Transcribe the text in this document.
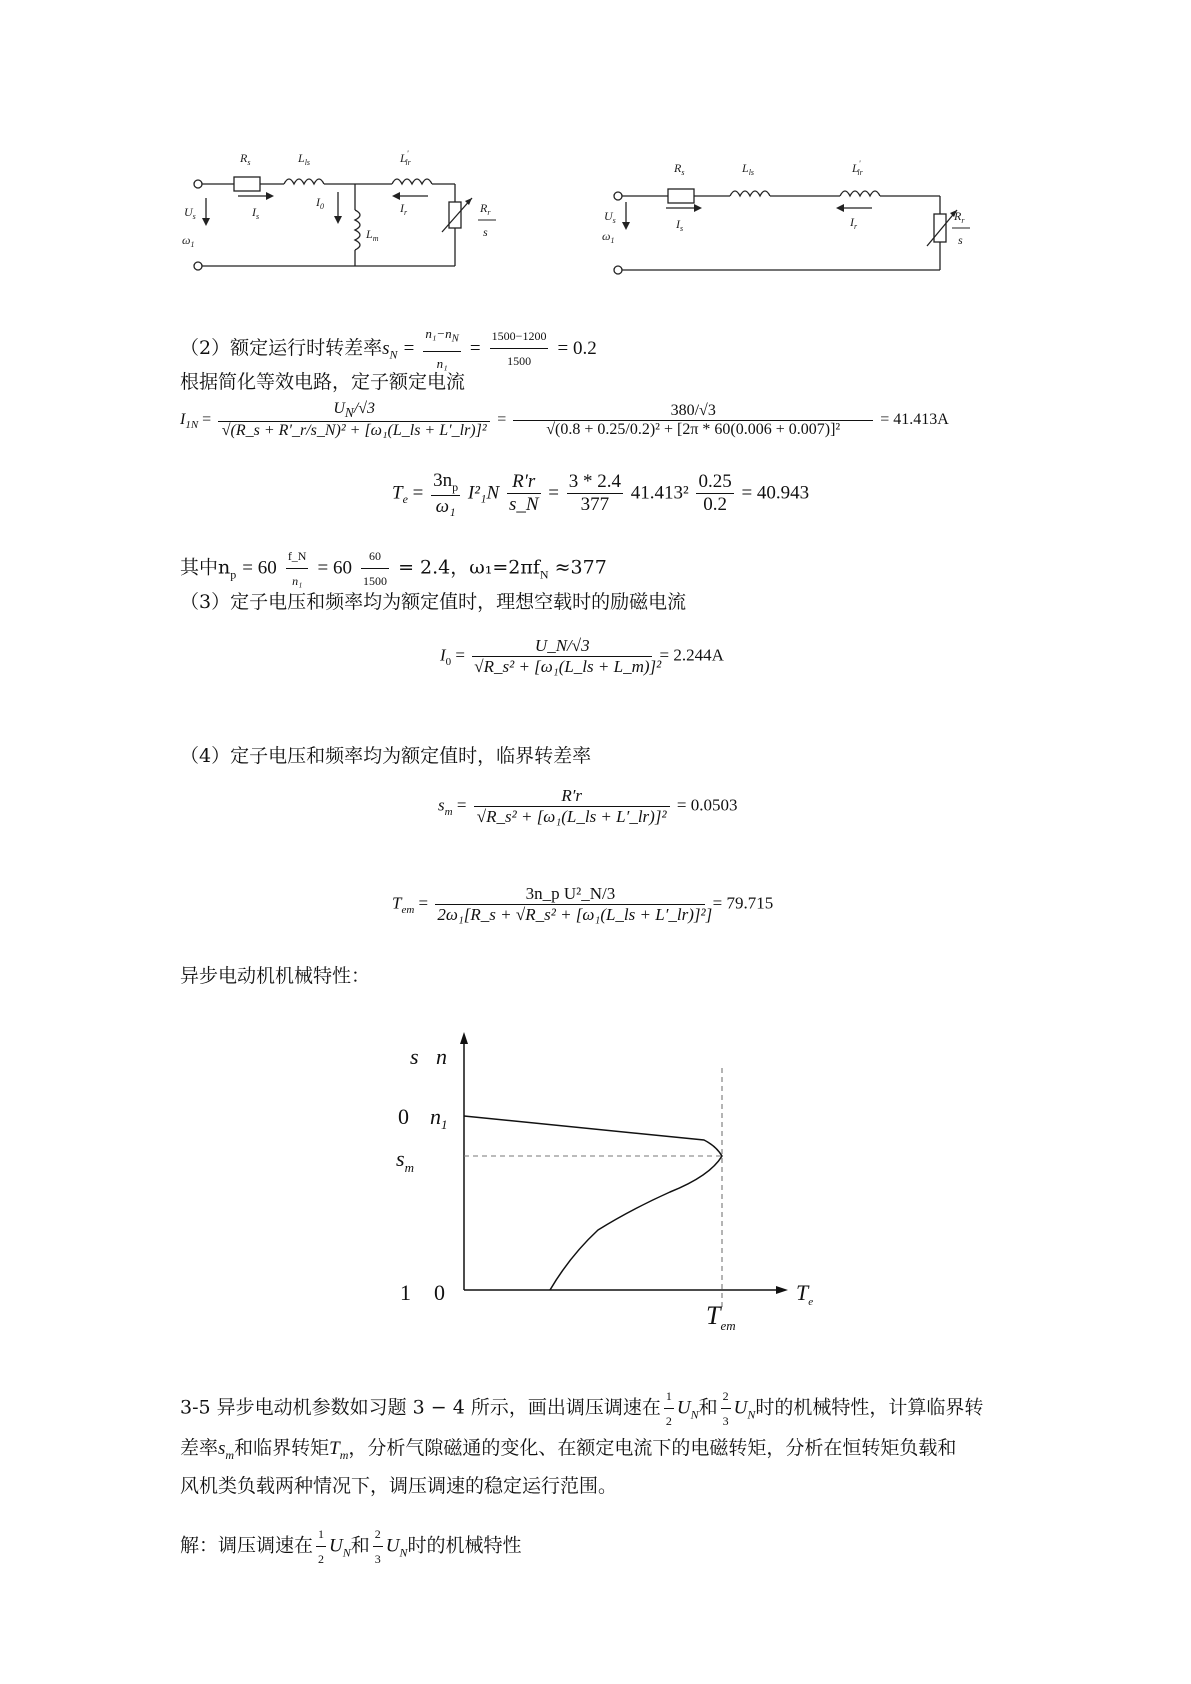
$R_s$	$L_{ls}$	L' lr
$U_s$
$\omega_1$
$I_s$
$I_0$	$I_r$
$L_m$
$R_r$
s
$R_s$	$L_{ls}$	L' lr
$U_s$
$\omega_1$
$I_s$	$I_r$
$R_r$
s
（2）额定运行时转差率$s_N = \frac{n_1-n_N}{\text{n₁}} = \frac{1500-1200}{1500} = 0.2$
根据简化等效电路，定子额定电流
$I_{1N} = \frac{U_N/√3}{\text{√(R\_s + R′\_r/s\_N)² + [ω₁(L\_ls + L′\_lr)]²}} = \frac{380/√3}{\text{√(0.8 + 0.25/0.2)² + [2π * 60(0.006 + 0.007)]²}} = 41.413A$
$T_e = \frac{3n_p}{\text{ω₁}} I^2_1N \frac{R'r}{s\_N} = \frac{3 * 2.4}{377} 41.413^2 \frac{0.25}{0.2} = 40.943$
其中$n_p = 60 \frac{f\_N}{\text{n₁}} = 60 \frac{60}{1500} = 2.4$，$\omega_1=2\pi f_N \approx 377$
（3）定子电压和频率均为额定值时，理想空载时的励磁电流
$I_0 = \frac{U\_N/√3}{\text{√R\_s² + [ω₁(L\_ls + L\_m)]²}} = 2.244A$
（4）定子电压和频率均为额定值时，临界转差率
$s_m = \frac{R'r}{\text{√R\_s² + [ω₁(L\_ls + L′\_lr)]²}} = 0.0503$
$T_{em} = \frac{\text{3n\_p U²\_N/3}}{\text{2ω₁[R\_s + √R\_s² + [ω₁(L\_ls + L′\_lr)]²]}} = 79.715$
异步电动机机械特性：
s n
0 $n_1$
$s_m$
1 0
$T_{em}$
$T_e$
3-5 异步电动机参数如习题 3 − 4 所示，画出调压调速在 $\frac{1}{2} U_N$和 $\frac{2}{3} U_N$时的机械特性，计算临界转
差率$s_m$和临界转矩$T_m$，分析气隙磁通的变化、在额定电流下的电磁转矩，分析在恒转矩负载和
风机类负载两种情况下，调压调速的稳定运行范围。
解：调压调速在 $\frac{1}{2} U_N$和 $\frac{2}{3} U_N$时的机械特性
